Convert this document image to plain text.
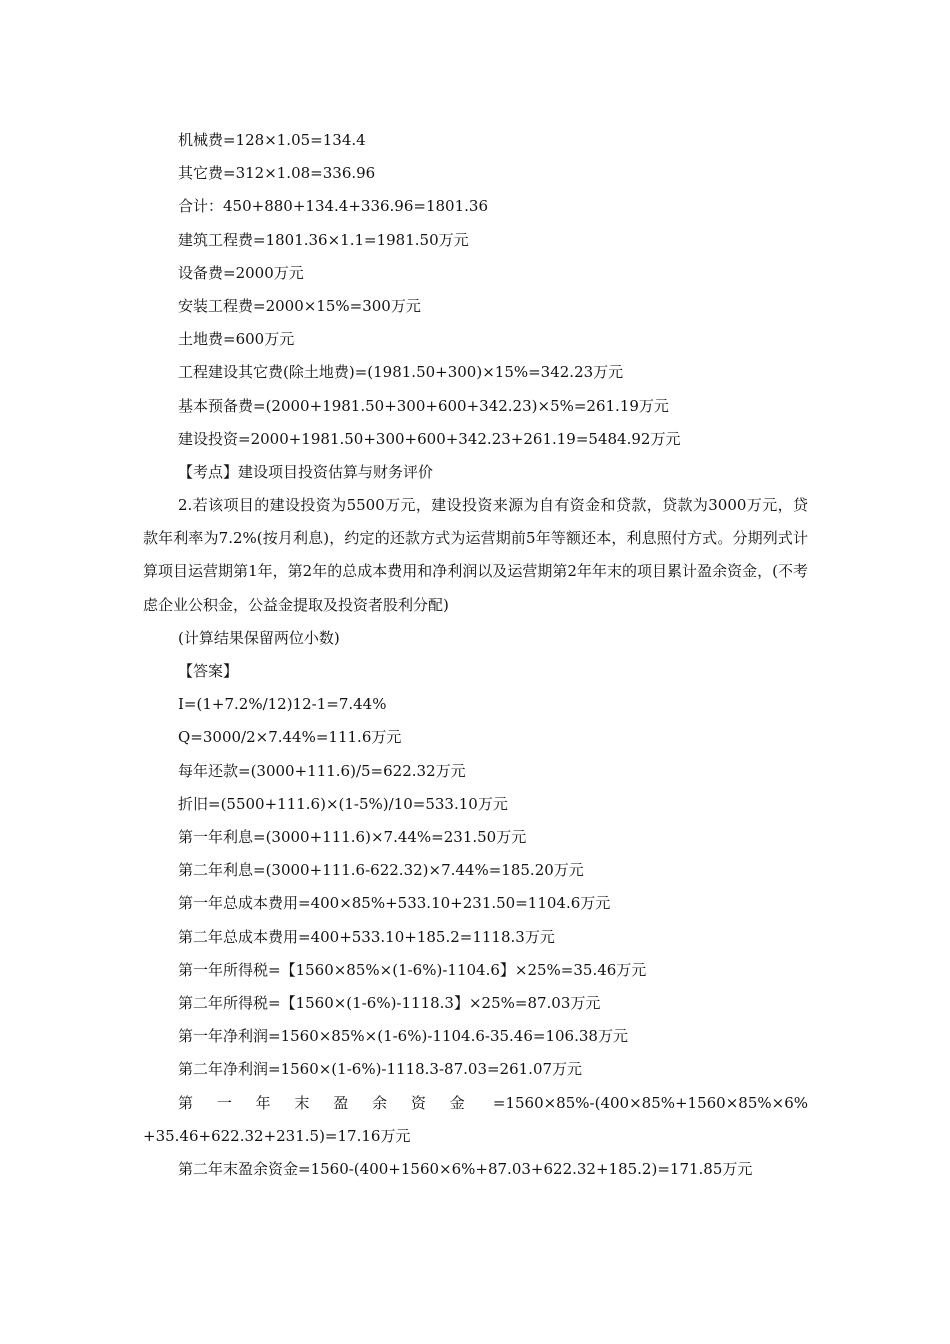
机械费=128×1.05=134.4
其它费=312×1.08=336.96
合计：450+880+134.4+336.96=1801.36
建筑工程费=1801.36×1.1=1981.50万元
设备费=2000万元
安装工程费=2000×15%=300万元
土地费=600万元
工程建设其它费(除土地费)=(1981.50+300)×15%=342.23万元
基本预备费=(2000+1981.50+300+600+342.23)×5%=261.19万元
建设投资=2000+1981.50+300+600+342.23+261.19=5484.92万元
【考点】建设项目投资估算与财务评价
2.若该项目的建设投资为5500万元，建设投资来源为自有资金和贷款，贷款为3000万元，贷款年利率为7.2%(按月利息)，约定的还款方式为运营期前5年等额还本，利息照付方式。分期列式计算项目运营期第1年，第2年的总成本费用和净利润以及运营期第2年年末的项目累计盈余资金，(不考虑企业公积金，公益金提取及投资者股利分配)
(计算结果保留两位小数)
【答案】
I=(1+7.2%/12)12-1=7.44%
Q=3000/2×7.44%=111.6万元
每年还款=(3000+111.6)/5=622.32万元
折旧=(5500+111.6)×(1-5%)/10=533.10万元
第一年利息=(3000+111.6)×7.44%=231.50万元
第二年利息=(3000+111.6-622.32)×7.44%=185.20万元
第一年总成本费用=400×85%+533.10+231.50=1104.6万元
第二年总成本费用=400+533.10+185.2=1118.3万元
第一年所得税=【1560×85%×(1-6%)-1104.6】×25%=35.46万元
第二年所得税=【1560×(1-6%)-1118.3】×25%=87.03万元
第一年净利润=1560×85%×(1-6%)-1104.6-35.46=106.38万元
第二年净利润=1560×(1-6%)-1118.3-87.03=261.07万元
第 一 年 末 盈 余 资 金 =1560×85%-(400×85%+1560×85%×6%
+35.46+622.32+231.5)=17.16万元
第二年末盈余资金=1560-(400+1560×6%+87.03+622.32+185.2)=171.85万元
